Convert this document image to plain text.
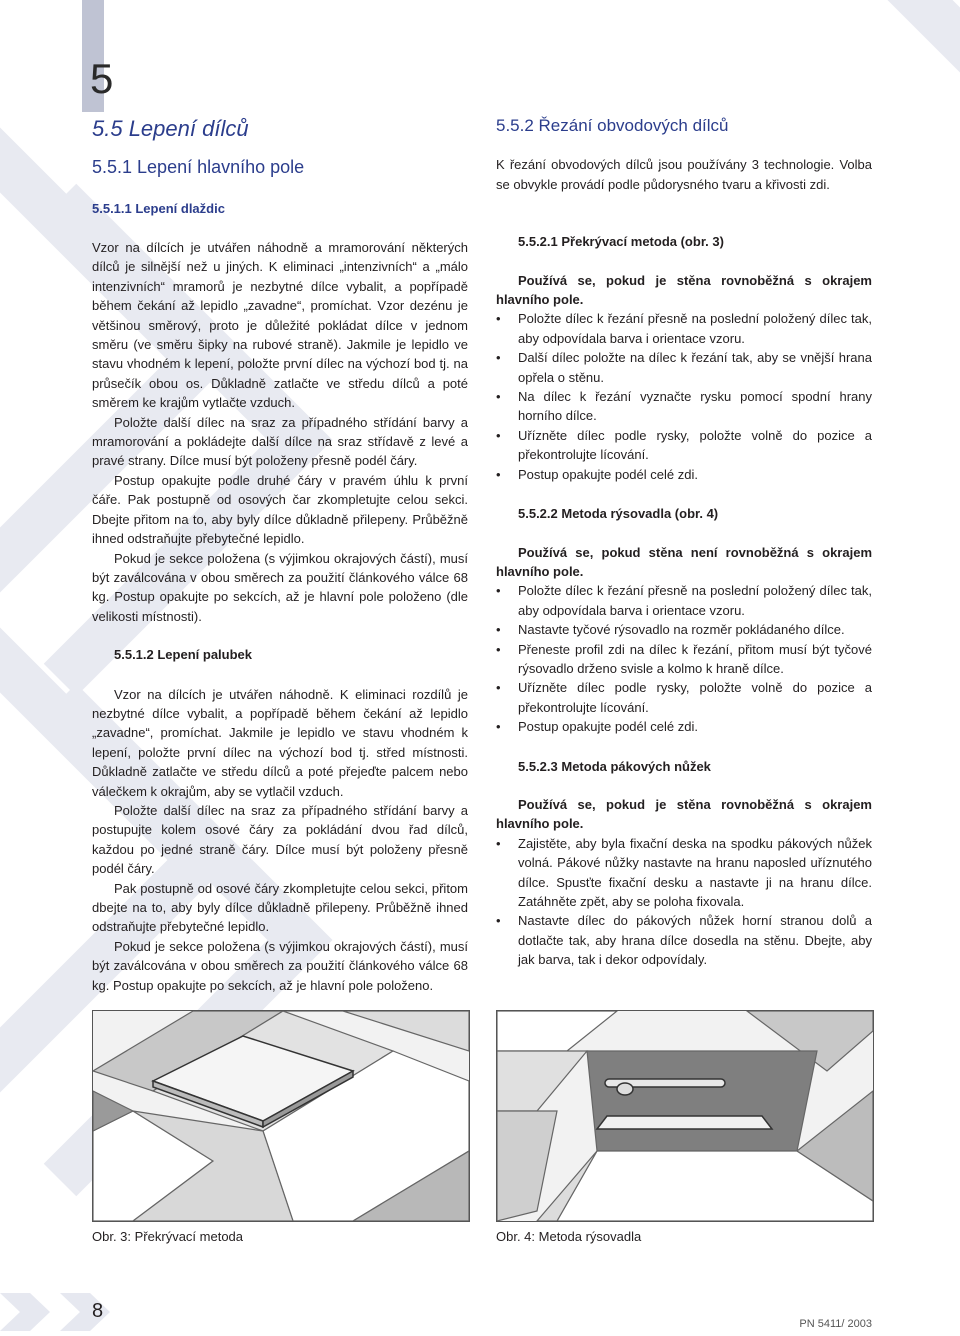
5
5.5 Lepení dílců
5.5.1 Lepení hlavního pole
5.5.1.1 Lepení dlaždic

Vzor na dílcích je utvářen náhodně a mramorování některých dílců je silnější než u jiných. K eliminaci „intenzivních“ a „málo intenzivních“ mramorů je nezbytné dílce vybalit, a popřípadě během čekání až lepidlo „zavadne“, promíchat. Vzor dezénu je většinou směrový, proto je důležité pokládat dílce v jednom směru (ve směru šipky na rubové straně). Jakmile je lepidlo ve stavu vhodném k lepení, položte první dílec na výchozí bod tj. na průsečík obou os. Důkladně zatlačte ve středu dílců a poté směrem ke krajům vytlačte vzduch.

Položte další dílec na sraz za případného střídání barvy a mramorování a pokládejte další dílce na sraz střídavě z levé a pravé strany. Dílce musí být položeny přesně podél čáry.

Postup opakujte podle druhé čáry v pravém úhlu k první čáře. Pak postupně od osových čar zkompletujte celou sekci. Dbejte přitom na to, aby byly dílce důkladně přilepeny. Průběžně ihned odstraňujte přebytečné lepidlo.

Pokud je sekce položena (s výjimkou okrajových částí), musí být zaválcována v obou směrech za použití článkového válce 68 kg. Postup opakujte po sekcích, až je hlavní pole položeno (dle velikosti místnosti).

5.5.1.2 Lepení palubek

Vzor na dílcích je utvářen náhodně. K eliminaci rozdílů je nezbytné dílce vybalit, a popřípadě během čekání až lepidlo „zavadne“, promíchat. Jakmile je lepidlo ve stavu vhodném k lepení, položte první dílec na výchozí bod tj. střed místnosti. Důkladně zatlačte ve středu dílců a poté přejeďte palcem nebo válečkem k okrajům, aby se vytlačil vzduch.

Položte další dílec na sraz za případného střídání barvy a postupujte kolem osové čáry za pokládání dvou řad dílců, každou po jedné straně čáry. Dílce musí být položeny přesně podél čáry.

Pak postupně od osové čáry zkompletujte celou sekci, přitom dbejte na to, aby byly dílce důkladně přilepeny. Průběžně ihned odstraňujte přebytečné lepidlo.

Pokud je sekce položena (s výjimkou okrajových částí), musí být zaválcována v obou směrech za použití článkového válce 68 kg. Postup opakujte po sekcích, až je hlavní pole položeno.

5.5.2 Řezání obvodových dílců

K řezání obvodových dílců jsou používány 3 technologie. Volba se obvykle provádí podle půdorysného tvaru a křivosti zdi.

5.5.2.1 Překrývací metoda (obr. 3)

Používá se, pokud je stěna rovnoběžná s okrajem hlavního pole.

• Položte dílec k řezání přesně na poslední položený dílec tak, aby odpovídala barva i orientace vzoru.
• Další dílec položte na dílec k řezání tak, aby se vnější hrana opřela o stěnu.
• Na dílec k řezání vyznačte rysku pomocí spodní hrany horního dílce.
• Uřízněte dílec podle rysky, položte volně do pozice a překontrolujte lícování.
• Postup opakujte podél celé zdi.
5.5.2.2 Metoda rýsovadla (obr. 4)

Používá se, pokud stěna není rovnoběžná s okrajem hlavního pole.

• Položte dílec k řezání přesně na poslední položený dílec tak, aby odpovídala barva i orientace vzoru.
• Nastavte tyčové rýsovadlo na rozměr pokládaného dílce.
• Přeneste profil zdi na dílec k řezání, přitom musí být tyčové rýsovadlo drženo svisle a kolmo k hraně dílce.
• Uřízněte dílec podle rysky, položte volně do pozice a překontrolujte lícování.
• Postup opakujte podél celé zdi.
5.5.2.3 Metoda pákových nůžek

Používá se, pokud je stěna rovnoběžná s okrajem hlavního pole.

• Zajistěte, aby byla fixační deska na spodku pákových nůžek volná. Pákové nůžky nastavte na hranu naposled uříznutého dílce. Spusťte fixační desku a nastavte ji na hranu dílce. Zatáhněte zpět, aby se poloha fixovala.
• Nastavte dílec do pákových nůžek horní stranou dolů a dotlačte tak, aby hrana dílce dosedla na stěnu. Dbejte, aby jak barva, tak i dekor odpovídaly.
Obr. 3: Překrývací metoda	Obr. 4: Metoda rýsovadla
8
PN 5411/ 2003
